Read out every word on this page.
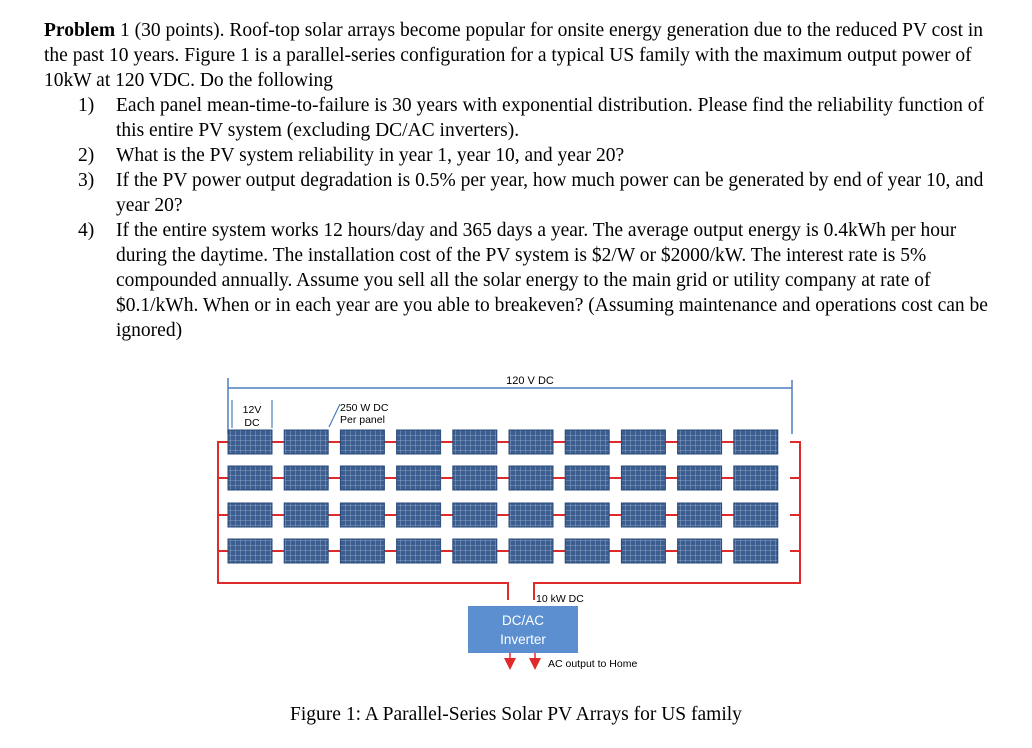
Problem 1 (30 points). Roof-top solar arrays become popular for onsite energy generation due to the reduced PV cost in the past 10 years. Figure 1 is a parallel-series configuration for a typical US family with the maximum output power of 10kW at 120 VDC. Do the following

1) Each panel mean-time-to-failure is 30 years with exponential distribution. Please find the reliability function of this entire PV system (excluding DC/AC inverters).
2) What is the PV system reliability in year 1, year 10, and year 20?
3) If the PV power output degradation is 0.5% per year, how much power can be generated by end of year 10, and year 20?
4) If the entire system works 12 hours/day and 365 days a year. The average output energy is 0.4kWh per hour during the daytime. The installation cost of the PV system is $2/W or $2000/kW. The interest rate is 5% compounded annually. Assume you sell all the solar energy to the main grid or utility company at rate of $0.1/kWh. When or in each year are you able to breakeven? (Assuming maintenance and operations cost can be ignored)
120 V DC
12V
DC
250 W DC
Per panel
10 kW DC
DC/AC
Inverter
AC output to Home
Figure 1: A Parallel-Series Solar PV Arrays for US family
